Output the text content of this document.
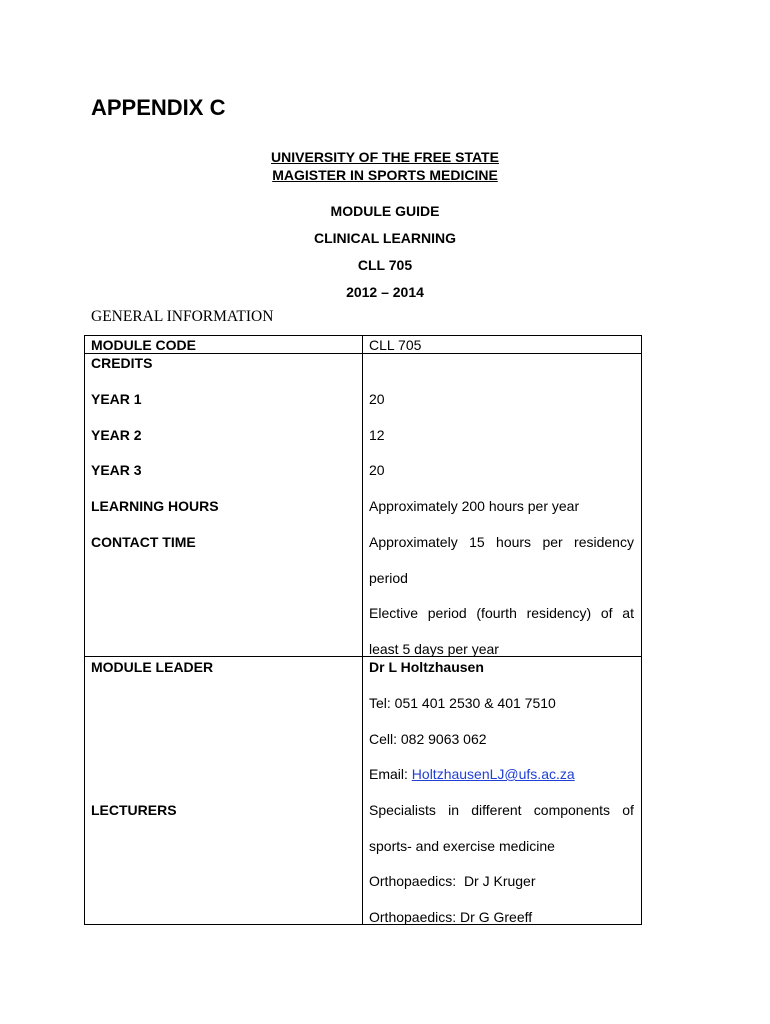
APPENDIX C
UNIVERSITY OF THE FREE STATE
MAGISTER IN SPORTS MEDICINE
MODULE GUIDE
CLINICAL LEARNING
CLL 705
2012 – 2014
GENERAL INFORMATION
MODULE CODE
CREDITS
YEAR 1
YEAR 2
YEAR 3
LEARNING HOURS
CONTACT TIME
MODULE LEADER
LECTURERS
CLL 705
20
12
20
Approximately 200 hours per year
Approximately 15 hours per residency
period
Elective period (fourth residency) of at
least 5 days per year
Dr L Holtzhausen
Tel: 051 401 2530 & 401 7510
Cell: 082 9063 062
Email: HoltzhausenLJ@ufs.ac.za
Specialists in different components of
sports- and exercise medicine
Orthopaedics:  Dr J Kruger
Orthopaedics: Dr G Greeff
